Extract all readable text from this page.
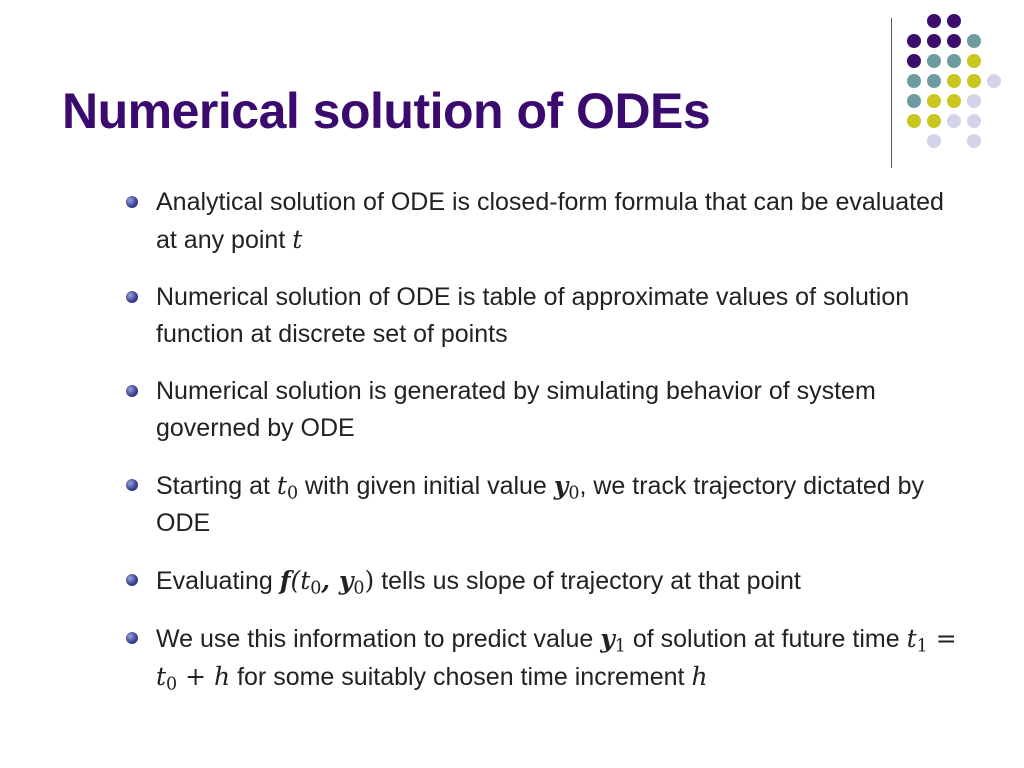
Numerical solution of ODEs
Analytical solution of ODE is closed-form formula that can be evaluated at any point t
Numerical solution of ODE is table of approximate values of solution function at discrete set of points
Numerical solution is generated by simulating behavior of system governed by ODE
Starting at $t_0$ with given initial value $y_0$, we track trajectory dictated by ODE
Evaluating $f(t_0$, $y_0$) tells us slope of trajectory at that point
We use this information to predict value $y_1$ of solution at future time $t_1 = t_0 + h$ for some suitably chosen time increment h
